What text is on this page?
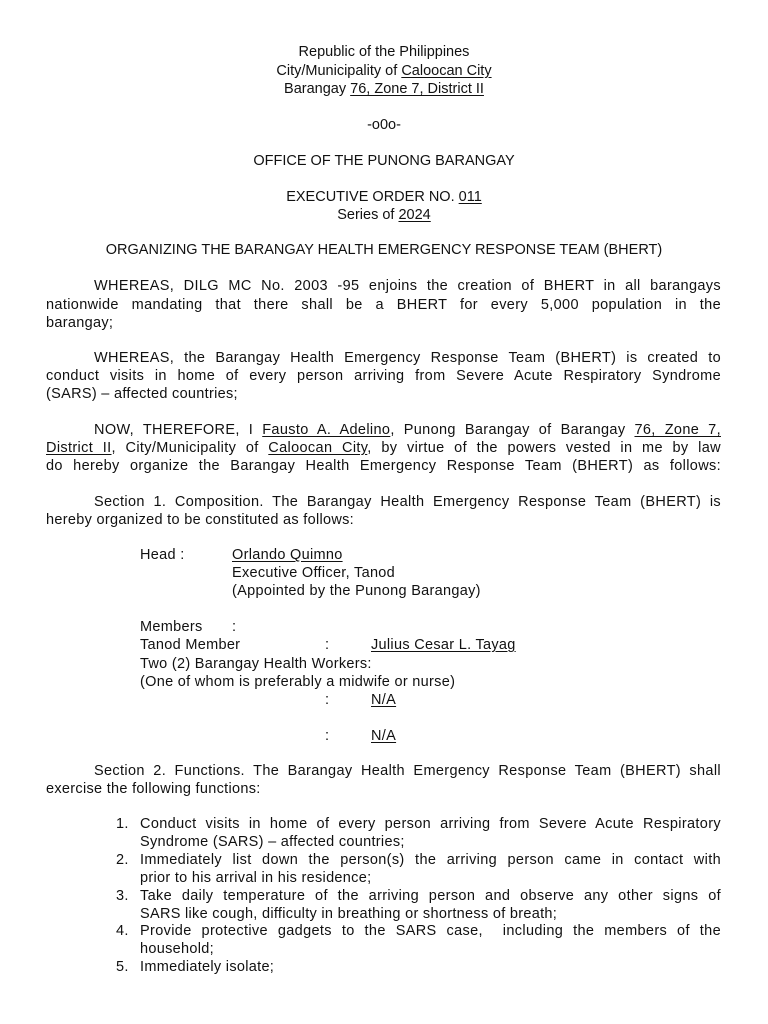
Republic of the Philippines
City/Municipality of Caloocan City
Barangay 76, Zone 7, District II
-o0o-
OFFICE OF THE PUNONG BARANGAY
EXECUTIVE ORDER NO. 011
Series of 2024
ORGANIZING THE BARANGAY HEALTH EMERGENCY RESPONSE TEAM (BHERT)
WHEREAS, DILG MC No. 2003 -95 enjoins the creation of BHERT in all barangays
nationwide mandating that there shall be a BHERT for every 5,000 population in the
barangay;
WHEREAS, the Barangay Health Emergency Response Team (BHERT) is created to
conduct visits in home of every person arriving from Severe Acute Respiratory Syndrome
(SARS) – affected countries;
NOW, THEREFORE, I Fausto A. Adelino, Punong Barangay of Barangay 76, Zone 7,
District II, City/Municipality of Caloocan City, by virtue of the powers vested in me by law
do hereby organize the Barangay Health Emergency Response Team (BHERT) as follows:
Section 1. Composition. The Barangay Health Emergency Response Team (BHERT) is
hereby organized to be constituted as follows:
Head :	Orlando Quimno
Executive Officer, Tanod
(Appointed by the Punong Barangay)
Members :
Tanod Member	:	Julius Cesar L. Tayag
Two (2) Barangay Health Workers:
(One of whom is preferably a midwife or nurse)
:	N/A
:	N/A
Section 2. Functions. The Barangay Health Emergency Response Team (BHERT) shall
exercise the following functions:
1. Conduct visits in home of every person arriving from Severe Acute Respiratory
Syndrome (SARS) – affected countries;
2. Immediately list down the person(s) the arriving person came in contact with
prior to his arrival in his residence;
3. Take daily temperature of the arriving person and observe any other signs of
SARS like cough, difficulty in breathing or shortness of breath;
4. Provide protective gadgets to the SARS case,  including the members of the
household;
5. Immediately isolate;
